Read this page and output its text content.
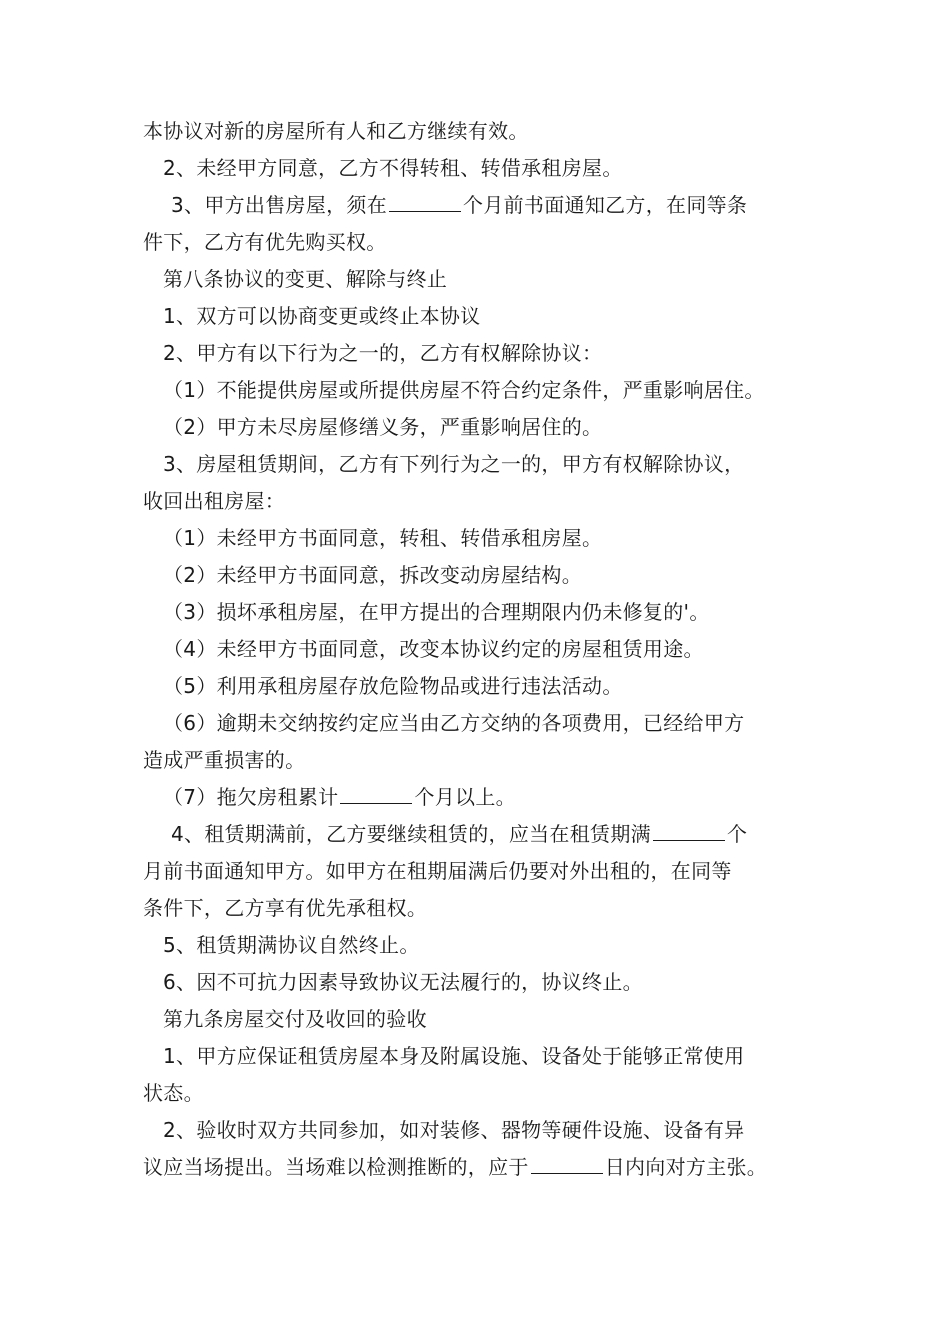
本协议对新的房屋所有人和乙方继续有效。
2、未经甲方同意，乙方不得转租、转借承租房屋。
3、甲方出售房屋，须在	个月前书面通知乙方，在同等条
件下，乙方有优先购买权。
第八条协议的变更、解除与终止
1、双方可以协商变更或终止本协议
2、甲方有以下行为之一的，乙方有权解除协议：
（1）不能提供房屋或所提供房屋不符合约定条件，严重影响居住。
（2）甲方未尽房屋修缮义务，严重影响居住的。
3、房屋租赁期间，乙方有下列行为之一的，甲方有权解除协议，
收回出租房屋：
（1）未经甲方书面同意，转租、转借承租房屋。
（2）未经甲方书面同意，拆改变动房屋结构。
（3）损坏承租房屋，在甲方提出的合理期限内仍未修复的'。
（4）未经甲方书面同意，改变本协议约定的房屋租赁用途。
（5）利用承租房屋存放危险物品或进行违法活动。
（6）逾期未交纳按约定应当由乙方交纳的各项费用，已经给甲方
造成严重损害的。
（7）拖欠房租累计	个月以上。
4、租赁期满前，乙方要继续租赁的，应当在租赁期满	个
月前书面通知甲方。如甲方在租期届满后仍要对外出租的，在同等
条件下，乙方享有优先承租权。
5、租赁期满协议自然终止。
6、因不可抗力因素导致协议无法履行的，协议终止。
第九条房屋交付及收回的验收
1、甲方应保证租赁房屋本身及附属设施、设备处于能够正常使用
状态。
2、验收时双方共同参加，如对装修、器物等硬件设施、设备有异
议应当场提出。当场难以检测推断的，应于	日内向对方主张。
